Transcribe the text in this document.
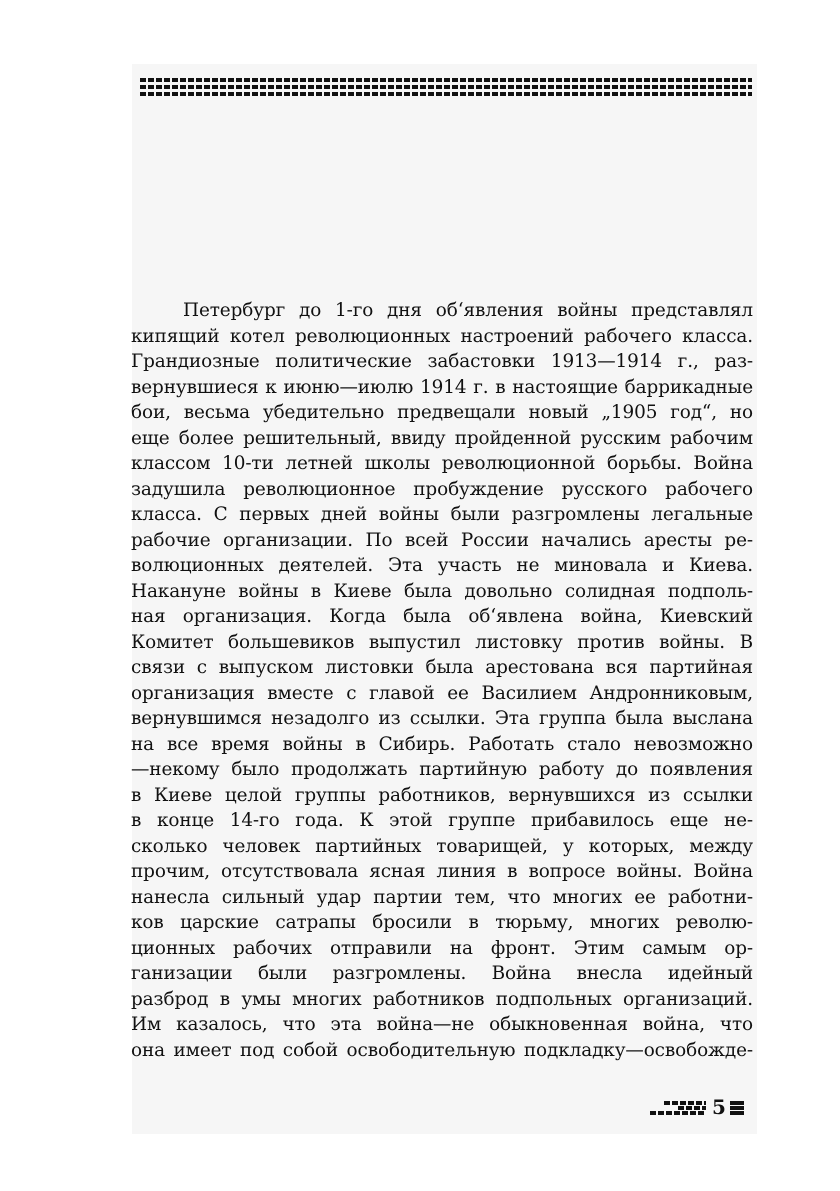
Петербург до 1-го дня об‘явления войны представлял
кипящий котел революционных настроений рабочего класса.
Грандиозные политические забастовки 1913—1914 г., раз-
вернувшиеся к июню—июлю 1914 г. в настоящие баррикадные
бои, весьма убедительно предвещали новый „1905 год“, но
еще более решительный, ввиду пройденной русским рабочим
классом 10-ти летней школы революционной борьбы. Война
задушила революционное пробуждение русского рабочего
класса. С первых дней войны были разгромлены легальные
рабочие организации. По всей России начались аресты ре-
волюционных деятелей. Эта участь не миновала и Киева.
Накануне войны в Киеве была довольно солидная подполь-
ная организация. Когда была об‘явлена война, Киевский
Комитет большевиков выпустил листовку против войны. В
связи с выпуском листовки была арестована вся партийная
организация вместе с главой ее Василием Андронниковым,
вернувшимся незадолго из ссылки. Эта группа была выслана
на все время войны в Сибирь. Работать стало невозможно
—некому было продолжать партийную работу до появления
в Киеве целой группы работников, вернувшихся из ссылки
в конце 14-го года. К этой группе прибавилось еще не-
сколько человек партийных товарищей, у которых, между
прочим, отсутствовала ясная линия в вопросе войны. Война
нанесла сильный удар партии тем, что многих ее работни-
ков царские сатрапы бросили в тюрьму, многих револю-
ционных рабочих отправили на фронт. Этим самым ор-
ганизации были разгромлены. Война внесла идейный
разброд в умы многих работников подпольных организаций.
Им казалось, что эта война—не обыкновенная война, что
она имеет под собой освободительную подкладку—освобожде-
5
